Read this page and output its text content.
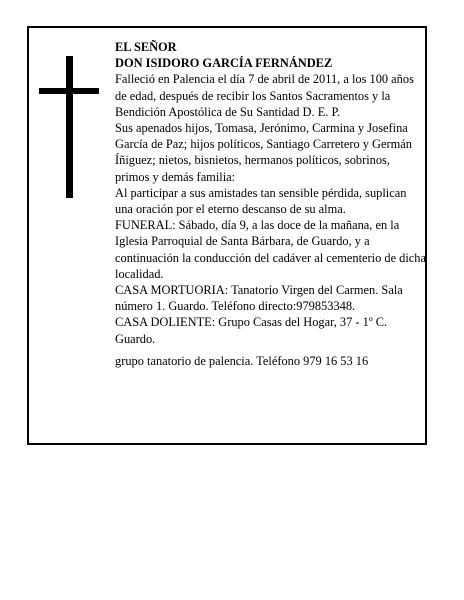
EL SEÑOR

DON ISIDORO GARCÍA FERNÁNDEZ

Falleció en Palencia el día 7 de abril de 2011, a los 100 años de edad, después de recibir los Santos Sacramentos y la Bendición Apostólica de Su Santidad D. E. P.

Sus apenados hijos, Tomasa, Jerónimo, Carmina y Josefina García de Paz; hijos políticos, Santiago Carretero y Germán Íñiguez; nietos, bisnietos, hermanos políticos, sobrinos, primos y demás familia:

Al participar a sus amistades tan sensible pérdida, suplican una oración por el eterno descanso de su alma.

FUNERAL: Sábado, día 9, a las doce de la mañana, en la Iglesia Parroquial de Santa Bárbara, de Guardo, y a continuación la conducción del cadáver al cementerio de dicha localidad.

CASA MORTUORIA: Tanatorio Virgen del Carmen. Sala número 1. Guardo. Teléfono directo:979853348.

CASA DOLIENTE: Grupo Casas del Hogar, 37 - 1º C. Guardo.

grupo tanatorio de palencia. Teléfono 979 16 53 16
